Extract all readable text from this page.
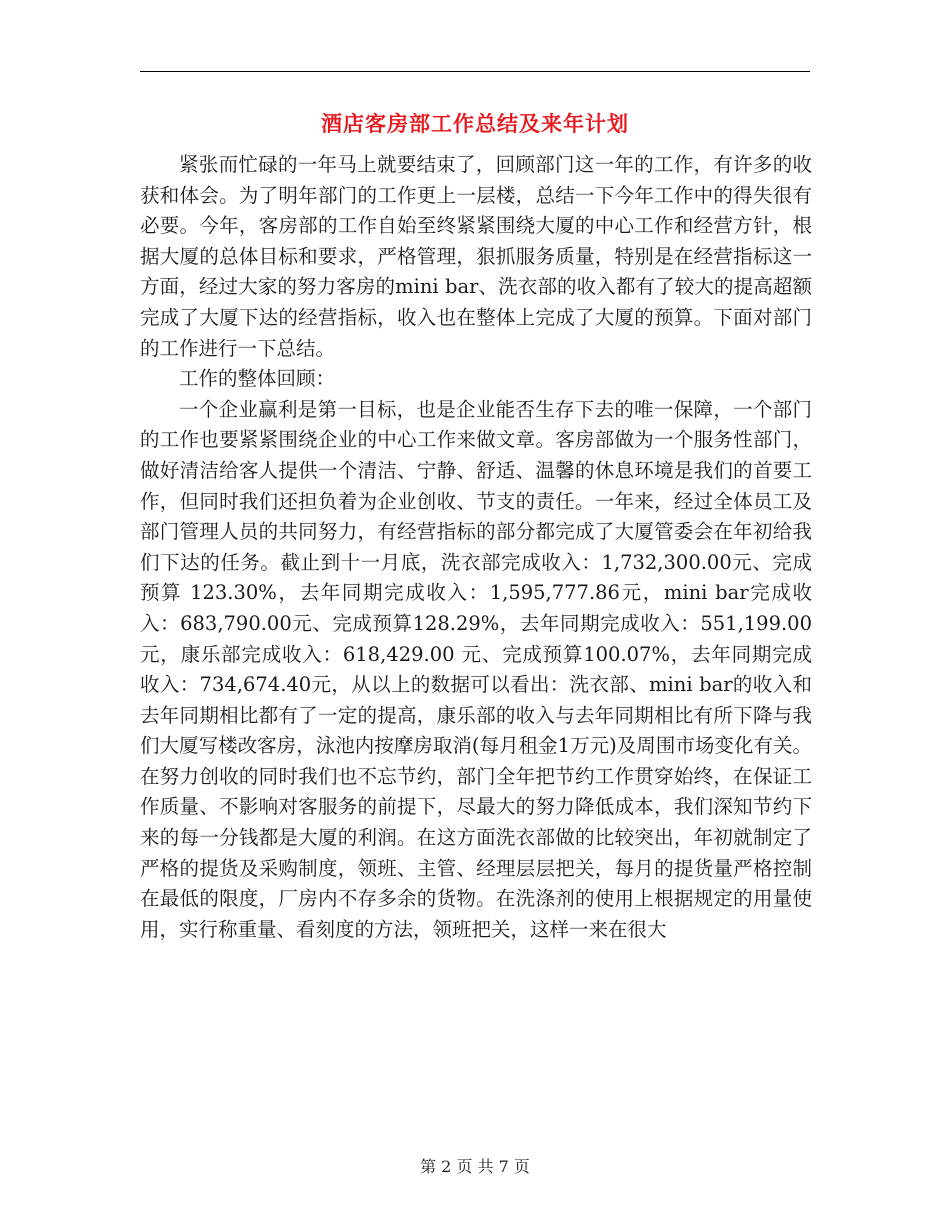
酒店客房部工作总结及来年计划

紧张而忙碌的一年马上就要结束了，回顾部门这一年的工作，有许多的收获和体会。为了明年部门的工作更上一层楼，总结一下今年工作中的得失很有必要。今年，客房部的工作自始至终紧紧围绕大厦的中心工作和经营方针，根据大厦的总体目标和要求，严格管理，狠抓服务质量，特别是在经营指标这一方面，经过大家的努力客房的mini bar、洗衣部的收入都有了较大的提高超额完成了大厦下达的经营指标，收入也在整体上完成了大厦的预算。下面对部门的工作进行一下总结。

工作的整体回顾：

一个企业赢利是第一目标，也是企业能否生存下去的唯一保障，一个部门的工作也要紧紧围绕企业的中心工作来做文章。客房部做为一个服务性部门，做好清洁给客人提供一个清洁、宁静、舒适、温馨的休息环境是我们的首要工作，但同时我们还担负着为企业创收、节支的责任。一年来，经过全体员工及部门管理人员的共同努力，有经营指标的部分都完成了大厦管委会在年初给我们下达的任务。截止到十一月底，洗衣部完成收入：1,732,300.00元、完成预算 123.30%，去年同期完成收入：1,595,777.86元，mini bar完成收入：683,790.00元、完成预算128.29%，去年同期完成收入：551,199.00元，康乐部完成收入：618,429.00 元、完成预算100.07%，去年同期完成收入：734,674.40元，从以上的数据可以看出：洗衣部、mini bar的收入和去年同期相比都有了一定的提高，康乐部的收入与去年同期相比有所下降与我们大厦写楼改客房，泳池内按摩房取消(每月租金1万元)及周围市场变化有关。在努力创收的同时我们也不忘节约，部门全年把节约工作贯穿始终，在保证工作质量、不影响对客服务的前提下，尽最大的努力降低成本，我们深知节约下来的每一分钱都是大厦的利润。在这方面洗衣部做的比较突出，年初就制定了严格的提货及采购制度，领班、主管、经理层层把关，每月的提货量严格控制在最低的限度，厂房内不存多余的货物。在洗涤剂的使用上根据规定的用量使用，实行称重量、看刻度的方法，领班把关，这样一来在很大

第 2 页 共 7 页
